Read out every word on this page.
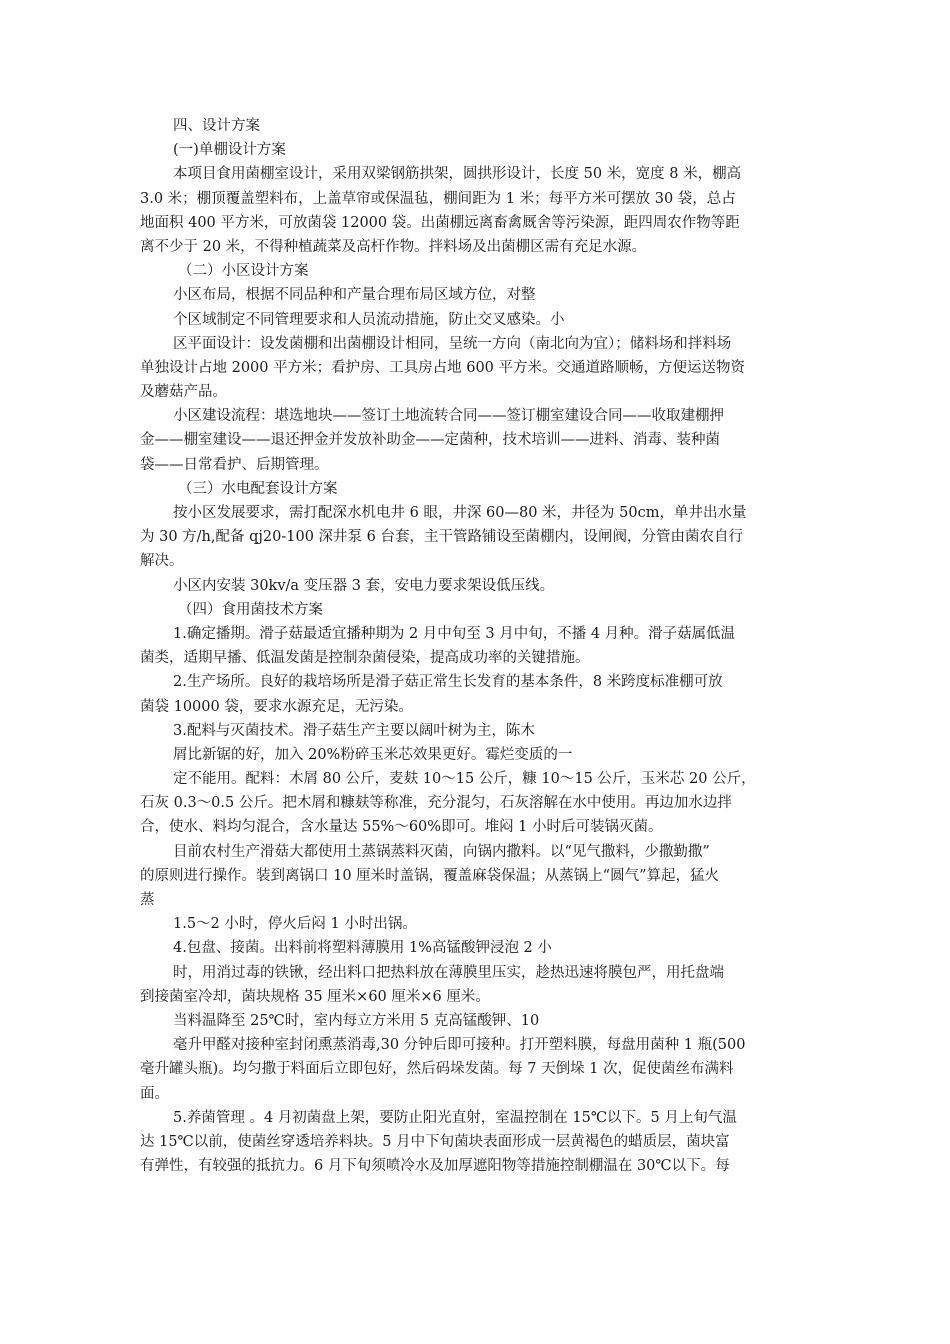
四、设计方案
(一)单棚设计方案
本项目食用菌棚室设计，采用双梁钢筋拱架，圆拱形设计，长度 50 米，宽度 8 米，棚高
3.0 米；棚顶覆盖塑料布，上盖草帘或保温毡，棚间距为 1 米；每平方米可摆放 30 袋，总占
地面积 400 平方米，可放菌袋 12000 袋。出菌棚远离畜禽厩舍等污染源，距四周农作物等距
离不少于 20 米，不得种植蔬菜及高杆作物。拌料场及出菌棚区需有充足水源。
（二）小区设计方案
小区布局，根据不同品种和产量合理布局区域方位，对整
个区域制定不同管理要求和人员流动措施，防止交叉感染。小
区平面设计：设发菌棚和出菌棚设计相同，呈统一方向（南北向为宜）；储料场和拌料场
单独设计占地 2000 平方米；看护房、工具房占地 600 平方米。交通道路顺畅，方便运送物资
及蘑菇产品。
小区建设流程：堪选地块——签订土地流转合同——签订棚室建设合同——收取建棚押
金——棚室建设——退还押金并发放补助金——定菌种，技术培训——进料、消毒、装种菌
袋——日常看护、后期管理。
（三）水电配套设计方案
按小区发展要求，需打配深水机电井 6 眼，井深 60—80 米，井径为 50cm，单井出水量
为 30 方/h,配备 qj20-100 深井泵 6 台套，主干管路铺设至菌棚内，设闸阀，分管由菌农自行
解决。
小区内安装 30kv/a 变压器 3 套，安电力要求架设低压线。
（四）食用菌技术方案
1.确定播期。滑子菇最适宜播种期为 2 月中旬至 3 月中旬，不播 4 月种。滑子菇属低温
菌类，适期早播、低温发菌是控制杂菌侵染，提高成功率的关键措施。
2.生产场所。良好的栽培场所是滑子菇正常生长发育的基本条件，8 米跨度标准棚可放
菌袋 10000 袋，要求水源充足，无污染。
3.配料与灭菌技术。滑子菇生产主要以阔叶树为主，陈木
屑比新锯的好，加入 20%粉碎玉米芯效果更好。霉烂变质的一
定不能用。配料：木屑 80 公斤，麦麸 10～15 公斤，糠 10～15 公斤，玉米芯 20 公斤，
石灰 0.3～0.5 公斤。把木屑和糠麸等称准，充分混匀，石灰溶解在水中使用。再边加水边拌
合，使水、料均匀混合，含水量达 55%～60%即可。堆闷 1 小时后可装锅灭菌。
目前农村生产滑菇大都使用土蒸锅蒸料灭菌，向锅内撒料。以“见气撒料，少撒勤撒”
的原则进行操作。装到离锅口 10 厘米时盖锅，覆盖麻袋保温；从蒸锅上“圆气”算起，猛火
蒸
1.5～2 小时，停火后闷 1 小时出锅。
4.包盘、接菌。出料前将塑料薄膜用 1%高锰酸钾浸泡 2 小
时，用消过毒的铁锹，经出料口把热料放在薄膜里压实，趁热迅速将膜包严，用托盘端
到接菌室冷却，菌块规格 35 厘米×60 厘米×6 厘米。
当料温降至 25℃时，室内每立方米用 5 克高锰酸钾、10
毫升甲醛对接种室封闭熏蒸消毒,30 分钟后即可接种。打开塑料膜，每盘用菌种 1 瓶(500
毫升罐头瓶)。均匀撒于料面后立即包好，然后码垛发菌。每 7 天倒垛 1 次，促使菌丝布满料
面。
5.养菌管理 。4 月初菌盘上架，要防止阳光直射，室温控制在 15℃以下。5 月上旬气温
达 15℃以前，使菌丝穿透培养料块。5 月中下旬菌块表面形成一层黄褐色的蜡质层，菌块富
有弹性，有较强的抵抗力。6 月下旬须喷冷水及加厚遮阳物等措施控制棚温在 30℃以下。每
